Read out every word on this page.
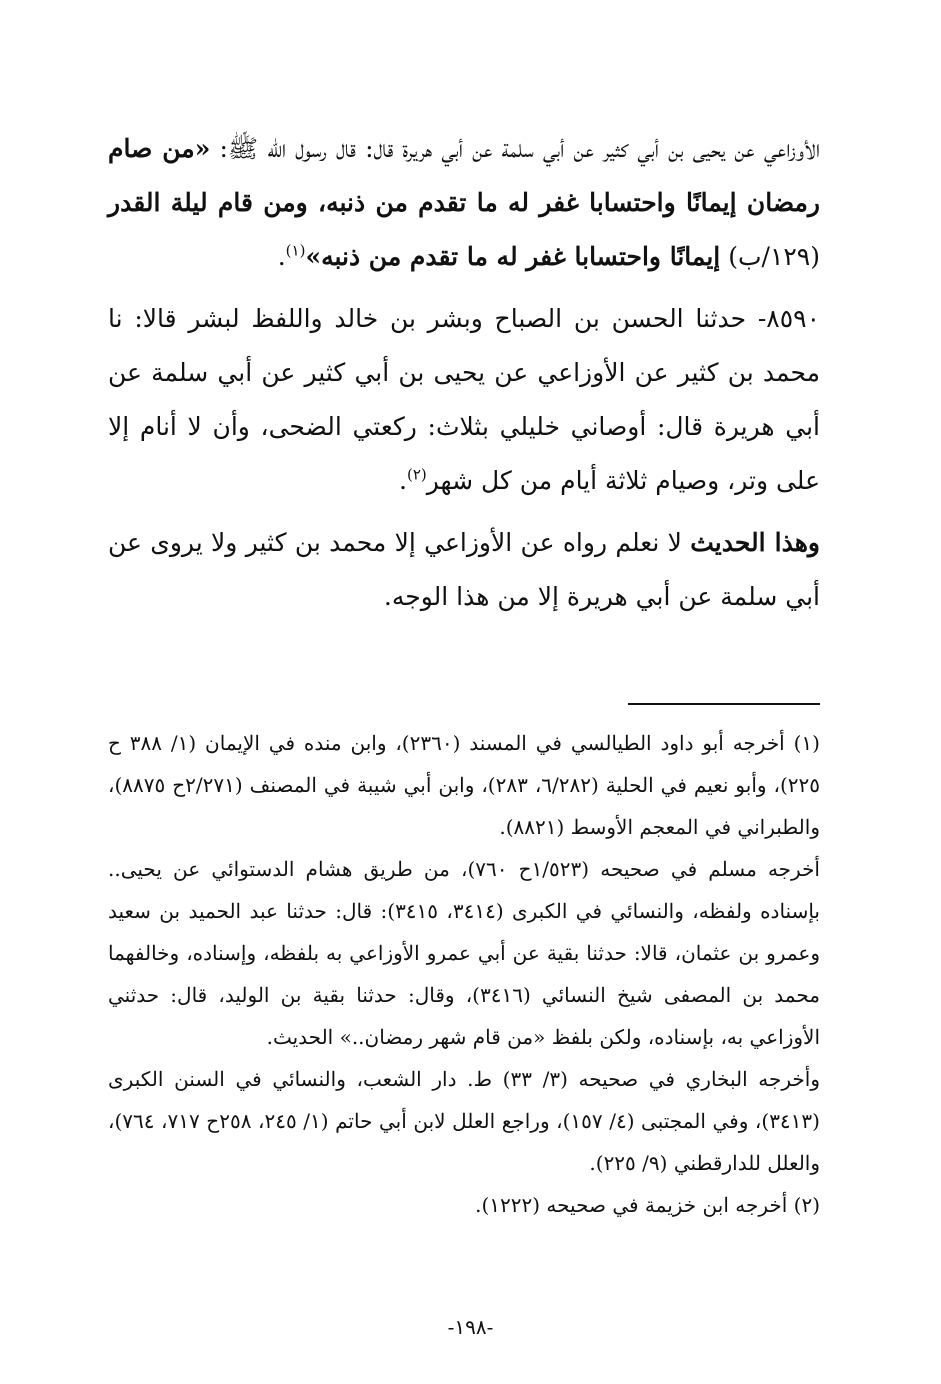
الأوزاعي عن يحيى بن أبي كثير عن أبي سلمة عن أبي هريرة قال: قال رسول الله ﷺ: «من صام رمضان إيمانًا واحتسابا غفر له ما تقدم من ذنبه، ومن قام ليلة القدر (١٢٩/ب) إيمانًا واحتسابا غفر له ما تقدم من ذنبه»$^{(١)}$.

٨٥٩٠- حدثنا الحسن بن الصباح وبشر بن خالد واللفظ لبشر قالا: نا محمد بن كثير عن الأوزاعي عن يحيى بن أبي كثير عن أبي سلمة عن أبي هريرة قال: أوصاني خليلي بثلاث: ركعتي الضحى، وأن لا أنام إلا على وتر، وصيام ثلاثة أيام من كل شهر$^{(٢)}$.

وهذا الحديث لا نعلم رواه عن الأوزاعي إلا محمد بن كثير ولا يروى عن أبي سلمة عن أبي هريرة إلا من هذا الوجه.

(١) أخرجه أبو داود الطيالسي في المسند (٢٣٦٠)، وابن منده في الإيمان (١/ ٣٨٨ ح ٢٢٥)، وأبو نعيم في الحلية (٦/٢٨٢، ٢٨٣)، وابن أبي شيبة في المصنف (٢/٢٧١ح ٨٨٧٥)، والطبراني في المعجم الأوسط (٨٨٢١).

أخرجه مسلم في صحيحه (١/٥٢٣ح ٧٦٠)، من طريق هشام الدستوائي عن يحيى.. بإسناده ولفظه، والنسائي في الكبرى (٣٤١٤، ٣٤١٥): قال: حدثنا عبد الحميد بن سعيد وعمرو بن عثمان، قالا: حدثنا بقية عن أبي عمرو الأوزاعي به بلفظه، وإسناده، وخالفهما محمد بن المصفى شيخ النسائي (٣٤١٦)، وقال: حدثنا بقية بن الوليد، قال: حدثني الأوزاعي به، بإسناده، ولكن بلفظ «من قام شهر رمضان..» الحديث.

وأخرجه البخاري في صحيحه (٣/ ٣٣) ط. دار الشعب، والنسائي في السنن الكبرى (٣٤١٣)، وفي المجتبى (٤/ ١٥٧)، وراجع العلل لابن أبي حاتم (١/ ٢٤٥، ٢٥٨ح ٧١٧، ٧٦٤)، والعلل للدارقطني (٩/ ٢٢٥).

(٢) أخرجه ابن خزيمة في صحيحه (١٢٢٢).

-١٩٨-
